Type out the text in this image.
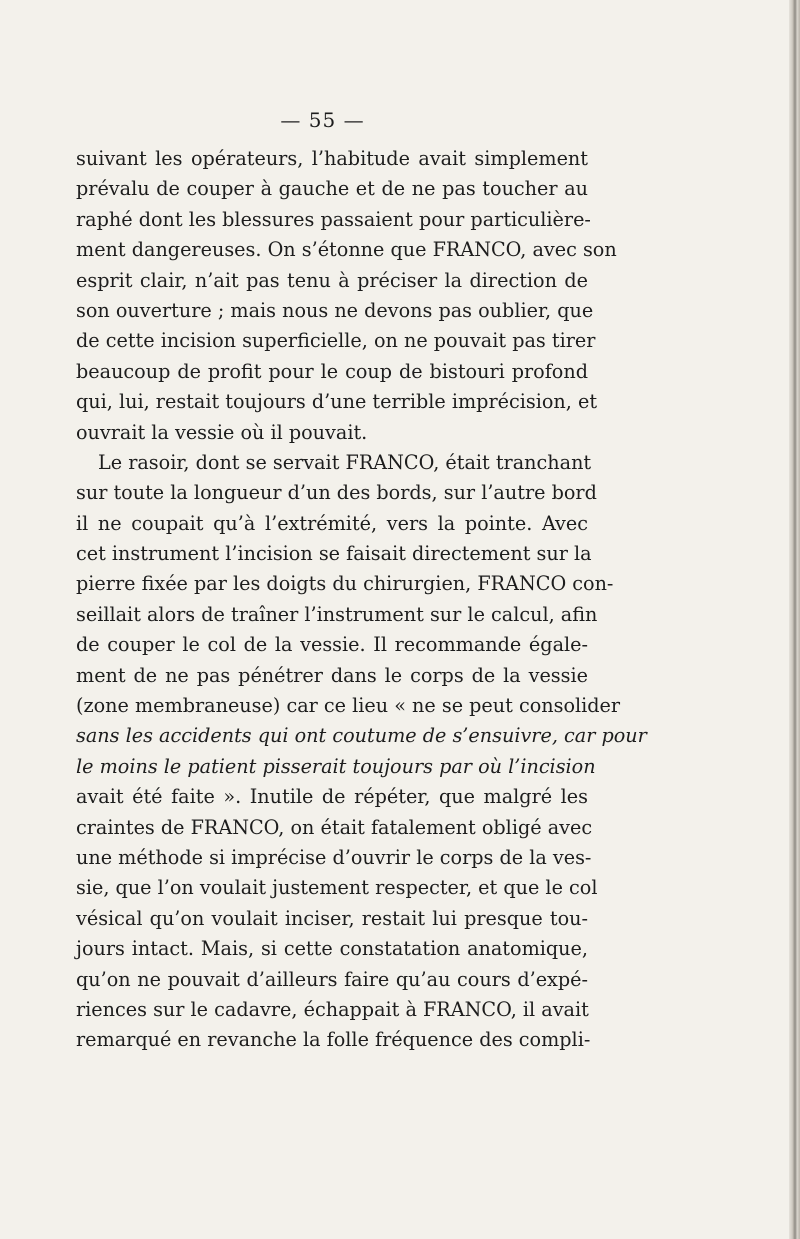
— 55 —
suivant les opérateurs, l’habitude avait simplement
prévalu de couper à gauche et de ne pas toucher au
raphé dont les blessures passaient pour particulière-
ment dangereuses. On s’étonne que FRANCO, avec son
esprit clair, n’ait pas tenu à préciser la direction de
son ouverture ; mais nous ne devons pas oublier, que
de cette incision superficielle, on ne pouvait pas tirer
beaucoup de profit pour le coup de bistouri profond
qui, lui, restait toujours d’une terrible imprécision, et
ouvrait la vessie où il pouvait.
Le rasoir, dont se servait FRANCO, était tranchant
sur toute la longueur d’un des bords, sur l’autre bord
il ne coupait qu’à l’extrémité, vers la pointe. Avec
cet instrument l’incision se faisait directement sur la
pierre fixée par les doigts du chirurgien, FRANCO con-
seillait alors de traîner l’instrument sur le calcul, afin
de couper le col de la vessie. Il recommande égale-
ment de ne pas pénétrer dans le corps de la vessie
(zone membraneuse) car ce lieu « ne se peut consolider
sans les accidents qui ont coutume de s’ensuivre, car pour
le moins le patient pisserait toujours par où l’incision
avait été faite ». Inutile de répéter, que malgré les
craintes de FRANCO, on était fatalement obligé avec
une méthode si imprécise d’ouvrir le corps de la ves-
sie, que l’on voulait justement respecter, et que le col
vésical qu’on voulait inciser, restait lui presque tou-
jours intact. Mais, si cette constatation anatomique,
qu’on ne pouvait d’ailleurs faire qu’au cours d’expé-
riences sur le cadavre, échappait à FRANCO, il avait
remarqué en revanche la folle fréquence des compli-
